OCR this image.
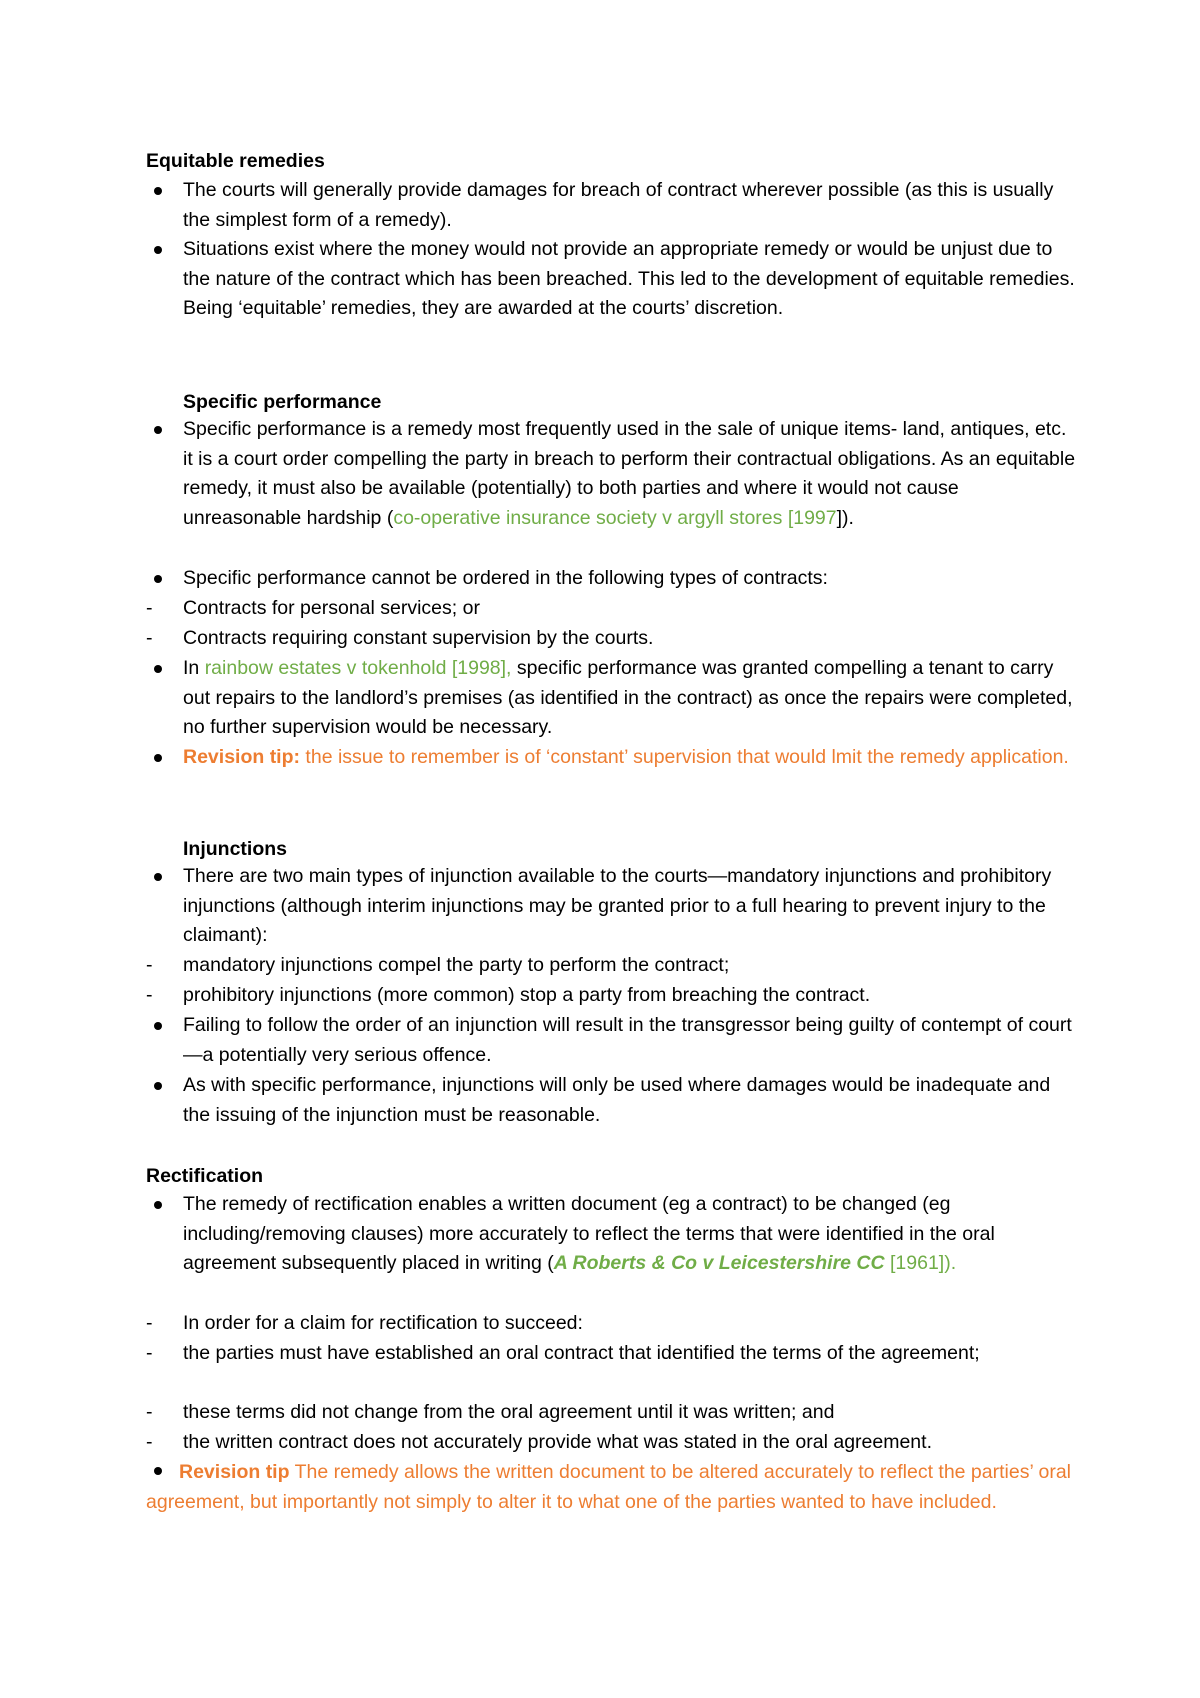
Equitable remedies
The courts will generally provide damages for breach of contract wherever possible (as this is usually the simplest form of a remedy).
Situations exist where the money would not provide an appropriate remedy or would be unjust due to the nature of the contract which has been breached. This led to the development of equitable remedies. Being ‘equitable’ remedies, they are awarded at the courts’ discretion.
Specific performance
Specific performance is a remedy most frequently used in the sale of unique items- land, antiques, etc. it is a court order compelling the party in breach to perform their contractual obligations. As an equitable remedy, it must also be available (potentially) to both parties and where it would not cause unreasonable hardship (co-operative insurance society v argyll stores [1997]).
Specific performance cannot be ordered in the following types of contracts:
-	Contracts for personal services; or
-	Contracts requiring constant supervision by the courts.
In rainbow estates v tokenhold [1998], specific performance was granted compelling a tenant to carry out repairs to the landlord’s premises (as identified in the contract) as once the repairs were completed, no further supervision would be necessary.
Revision tip: the issue to remember is of ‘constant’ supervision that would lmit the remedy application.
Injunctions
There are two main types of injunction available to the courts—mandatory injunctions and prohibitory injunctions (although interim injunctions may be granted prior to a full hearing to prevent injury to the claimant):
-	mandatory injunctions compel the party to perform the contract;
-	prohibitory injunctions (more common) stop a party from breaching the contract.
Failing to follow the order of an injunction will result in the transgressor being guilty of contempt of court—a potentially very serious offence.
As with specific performance, injunctions will only be used where damages would be inadequate and the issuing of the injunction must be reasonable.
Rectification
The remedy of rectification enables a written document (eg a contract) to be changed (eg including/removing clauses) more accurately to reflect the terms that were identified in the oral agreement subsequently placed in writing (A Roberts & Co v Leicestershire CC [1961]).
-	In order for a claim for rectification to succeed:
-	the parties must have established an oral contract that identified the terms of the agreement;
-	these terms did not change from the oral agreement until it was written; and
-	the written contract does not accurately provide what was stated in the oral agreement.
Revision tip The remedy allows the written document to be altered accurately to reflect the parties’ oral agreement, but importantly not simply to alter it to what one of the parties wanted to have included.
